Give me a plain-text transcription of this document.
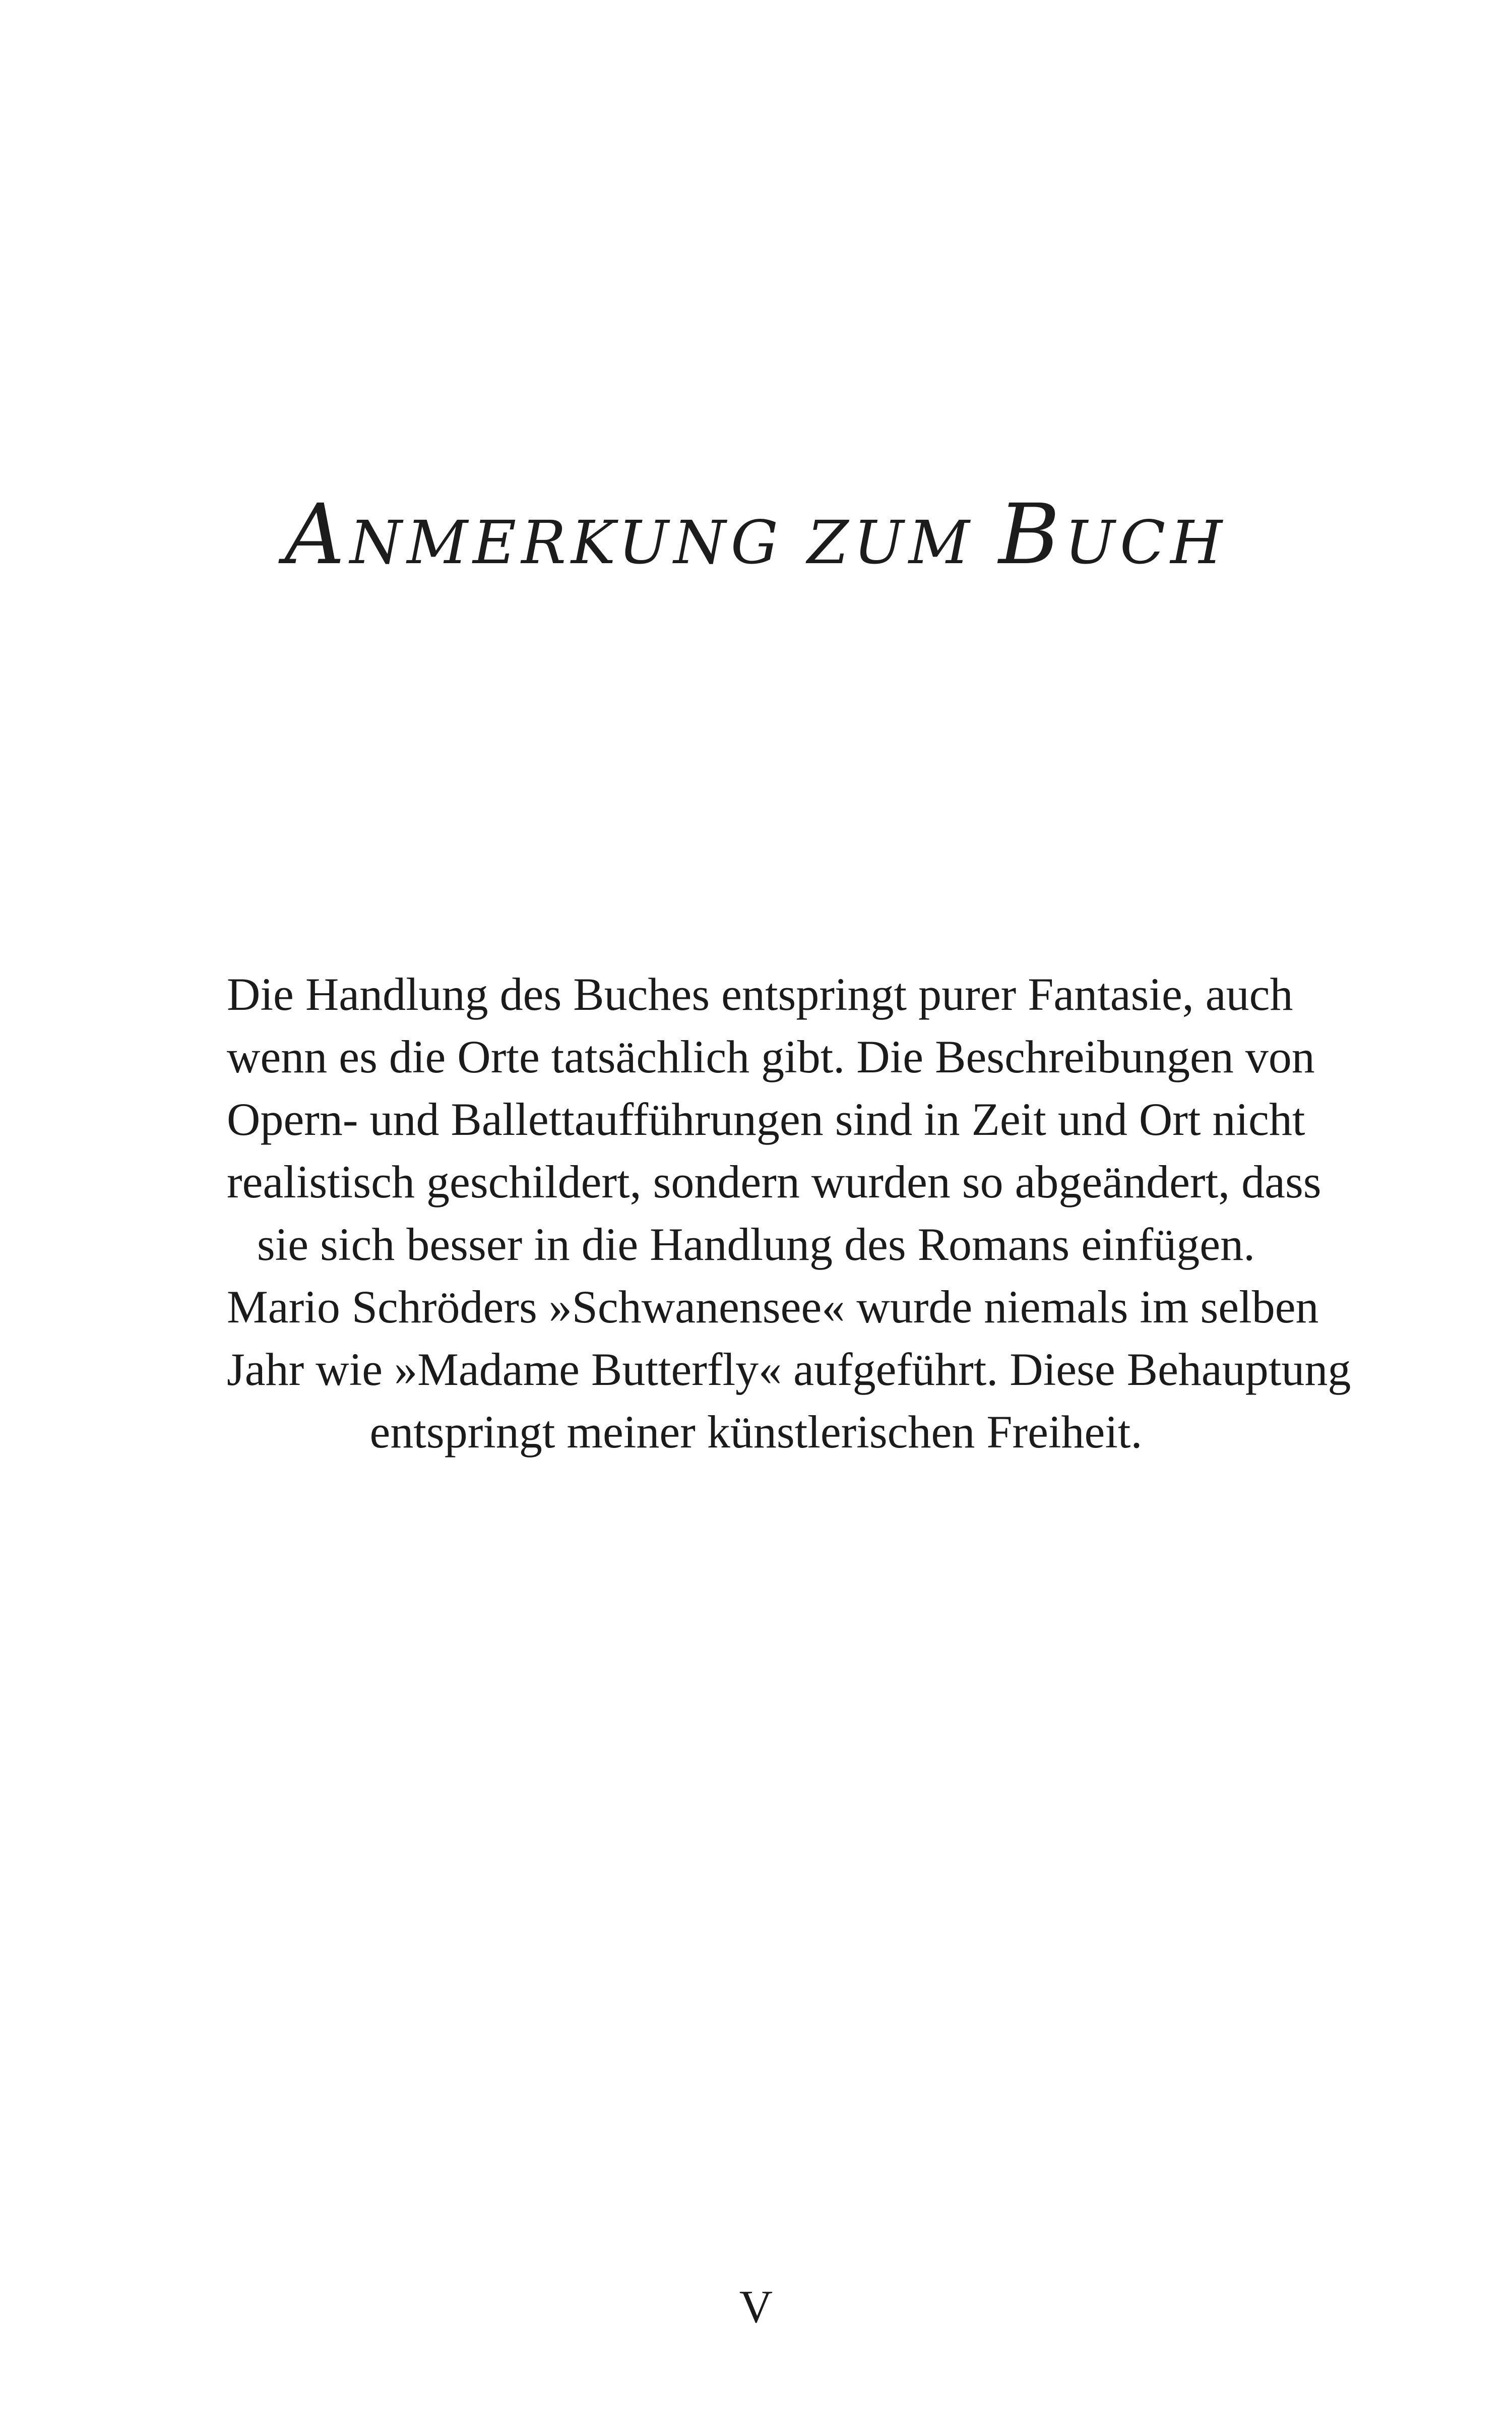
ANMERKUNG ZUM BUCH

Die Handlung des Buches entspringt purer Fantasie, auch
wenn es die Orte tatsächlich gibt. Die Beschreibungen von
Opern- und Ballettaufführungen sind in Zeit und Ort nicht
realistisch geschildert, sondern wurden so abgeändert, dass
sie sich besser in die Handlung des Romans einfügen.
Mario Schröders »Schwanensee« wurde niemals im selben
Jahr wie »Madame Butterfly« aufgeführt. Diese Behauptung
entspringt meiner künstlerischen Freiheit.

V
